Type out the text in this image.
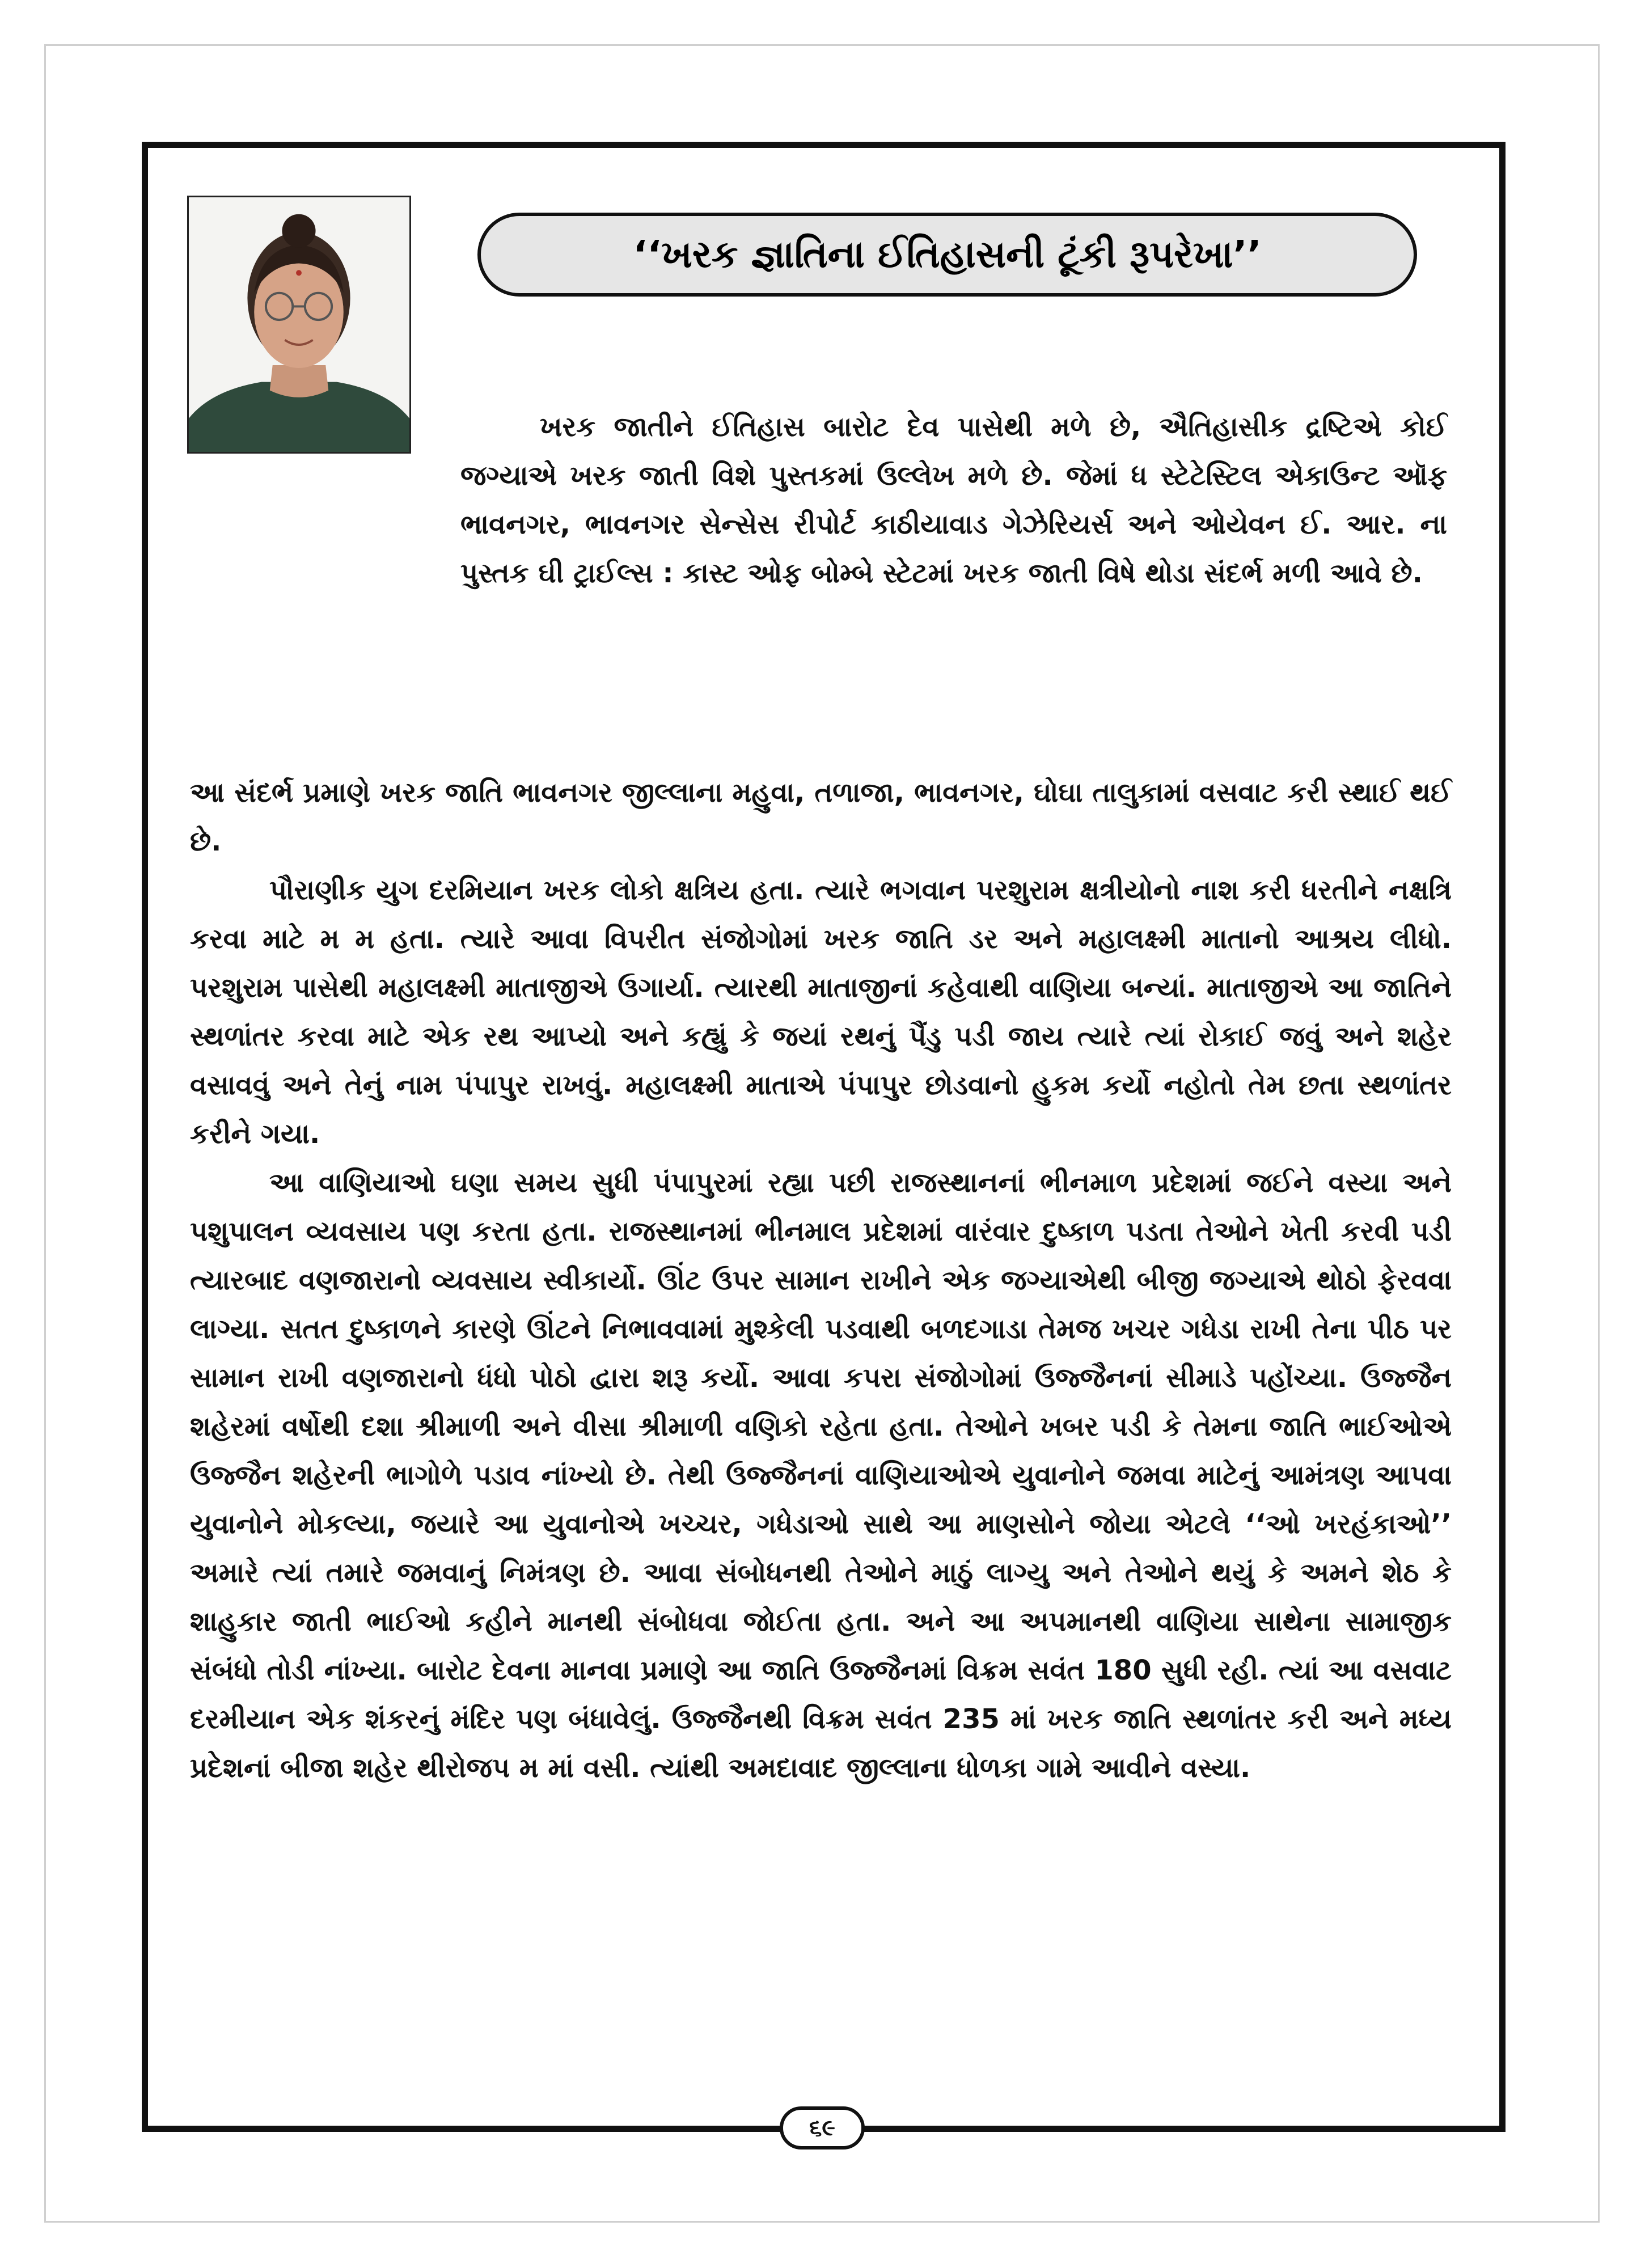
‘‘ખરક જ્ઞાતિના ઈતિહાસની ટૂંકી રૂપરેખા’’

ખરક જાતીને ઈતિહાસ બારોટ દેવ પાસેથી મળે છે, ઐતિહાસીક દ્રષ્ટિએ કોઈ જગ્યાએ ખરક જાતી વિશે પુસ્તકમાં ઉલ્લેખ મળે છે. જેમાં ધ સ્ટેટેસ્ટિલ એકાઉન્ટ ઑફ ભાવનગર, ભાવનગર સેન્સેસ રીપોર્ટ કાઠીયાવાડ ગેઝેરિયર્સ અને ઓયેવન ઈ. આર. ના પુસ્તક ઘી ટ્રાઈલ્સ : કાસ્ટ ઓફ બોમ્બે સ્ટેટમાં ખરક જાતી વિષે થોડા સંદર્ભ મળી આવે છે.

આ સંદર્ભ પ્રમાણે ખરક જાતિ ભાવનગર જીલ્લાના મહુવા, તળાજા, ભાવનગર, ઘોઘા તાલુકામાં વસવાટ કરી સ્થાઈ થઈ છે.

પૌરાણીક યુગ દરમિયાન ખરક લોકો ક્ષત્રિય હતા. ત્યારે ભગવાન પરશુરામ ક્ષત્રીયોનો નાશ કરી ધરતીને નક્ષત્રિ કરવા માટે મ મ હતા. ત્યારે આવા વિપરીત સંજોગોમાં ખરક જાતિ ડર અને મહાલક્ષ્મી માતાનો આશ્રય લીધો. પરશુરામ પાસેથી મહાલક્ષ્મી માતાજીએ ઉગાર્યા. ત્યારથી માતાજીનાં કહેવાથી વાણિયા બન્યાં. માતાજીએ આ જાતિને સ્થળાંતર કરવા માટે એક રથ આપ્યો અને કહ્યું કે જયાં રથનું પૈંડુ પડી જાય ત્યારે ત્યાં રોકાઈ જવું અને શહેર વસાવવું અને તેનું નામ પંપાપુર રાખવું. મહાલક્ષ્મી માતાએ પંપાપુર છોડવાનો હુકમ કર્યો નહોતો તેમ છતા સ્થળાંતર કરીને ગયા.

આ વાણિયાઓ ઘણા સમય સુધી પંપાપુરમાં રહ્યા પછી રાજસ્થાનનાં ભીનમાળ પ્રદેશમાં જઈને વસ્યા અને પશુપાલન વ્યવસાય પણ કરતા હતા. રાજસ્થાનમાં ભીનમાલ પ્રદેશમાં વારંવાર દુષ્કાળ પડતા તેઓને ખેતી કરવી પડી ત્યારબાદ વણજારાનો વ્યવસાય સ્વીકાર્યો. ઊંટ ઉપર સામાન રાખીને એક જગ્યાએથી બીજી જગ્યાએ થોઠો ફેરવવા લાગ્યા. સતત દુષ્કાળને કારણે ઊંટને નિભાવવામાં મુશ્કેલી પડવાથી બળદગાડા તેમજ ખચર ગધેડા રાખી તેના પીઠ પર સામાન રાખી વણજારાનો ધંધો પોઠો દ્વારા શરૂ કર્યો. આવા કપરા સંજોગોમાં ઉજ્જૈનનાં સીમાડે પહોંચ્યા. ઉજ્જૈન શહેરમાં વર્ષોથી દશા શ્રીમાળી અને વીસા શ્રીમાળી વણિકો રહેતા હતા. તેઓને ખબર પડી કે તેમના જાતિ ભાઈઓએ ઉજ્જૈન શહેરની ભાગોળે પડાવ નાંખ્યો છે. તેથી ઉજ્જૈનનાં વાણિયાઓએ યુવાનોને જમવા માટેનું આમંત્રણ આપવા યુવાનોને મોકલ્યા, જયારે આ યુવાનોએ ખચ્ચર, ગધેડાઓ સાથે આ માણસોને જોયા એટલે ‘‘ઓ ખરહંકાઓ’’ અમારે ત્યાં તમારે જમવાનું નિમંત્રણ છે. આવા સંબોધનથી તેઓને માઠું લાગ્યુ અને તેઓને થયું કે અમને શેઠ કે શાહુકાર જાતી ભાઈઓ કહીને માનથી સંબોધવા જોઈતા હતા. અને આ અપમાનથી વાણિયા સાથેના સામાજીક સંબંધો તોડી નાંખ્યા. બારોટ દેવના માનવા પ્રમાણે આ જાતિ ઉજ્જૈનમાં વિક્રમ સવંત 180 સુધી રહી. ત્યાં આ વસવાટ દરમીયાન એક શંકરનું મંદિર પણ બંધાવેલું. ઉજ્જૈનથી વિક્રમ સવંત 235 માં ખરક જાતિ સ્થળાંતર કરી અને મધ્ય પ્રદેશનાં બીજા શહેર થીરોજપ મ માં વસી. ત્યાંથી અમદાવાદ જીલ્લાના ધોળકા ગામે આવીને વસ્યા.

૬૯
